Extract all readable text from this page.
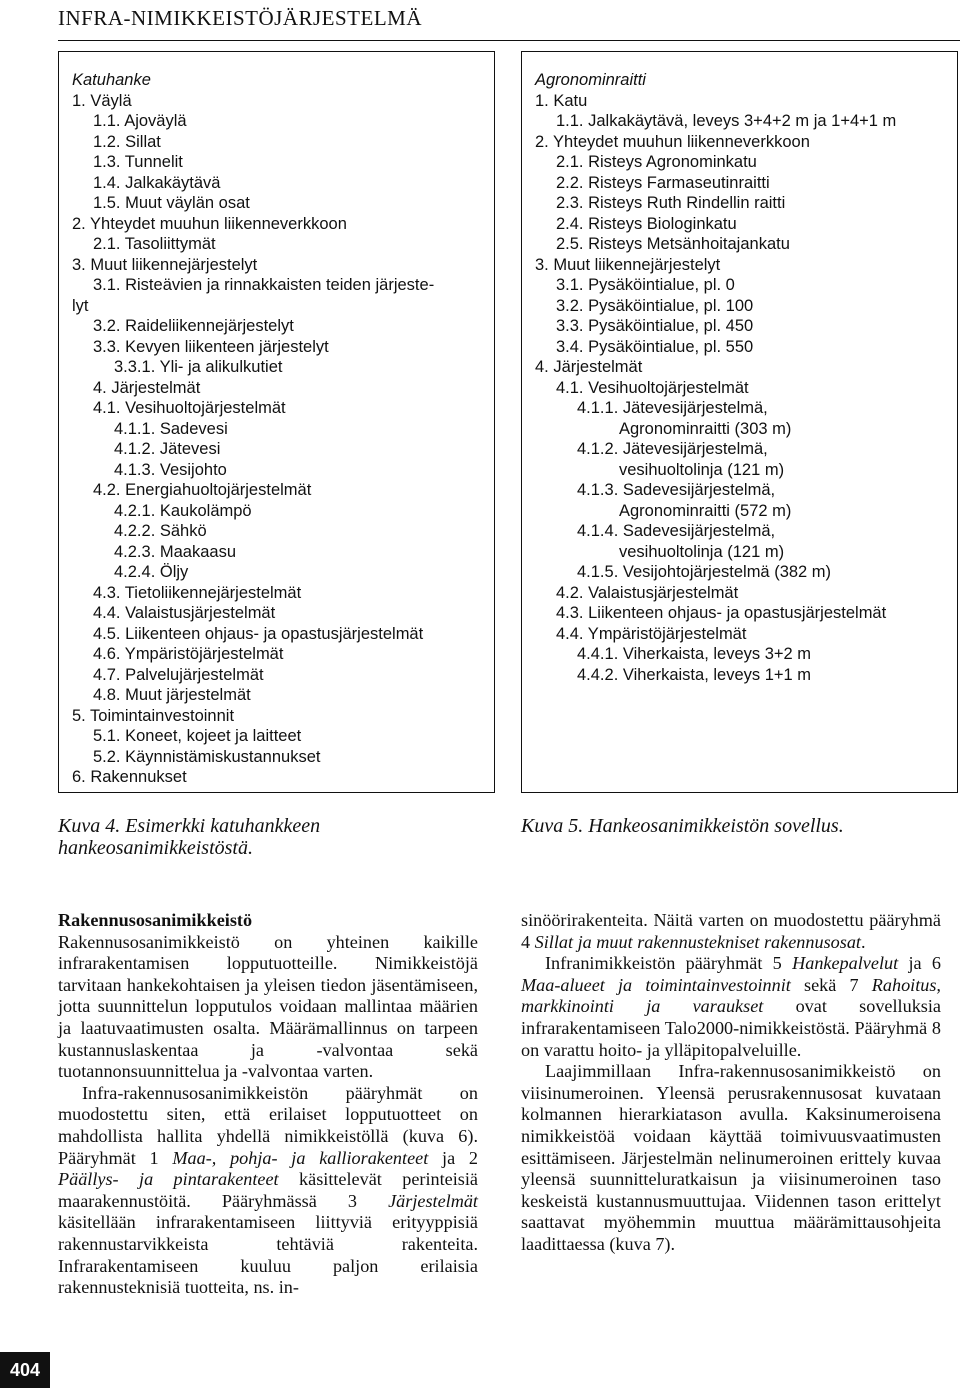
INFRA-NIMIKKEISTÖJÄRJESTELMÄ
Katuhanke
1. Väylä
1.1. Ajoväylä
1.2. Sillat
1.3. Tunnelit
1.4. Jalkakäytävä
1.5. Muut väylän osat
2. Yhteydet muuhun liikenneverkkoon
2.1. Tasoliittymät
3. Muut liikennejärjestelyt
3.1. Risteävien ja rinnakkaisten teiden järjeste-
lyt
3.2. Raideliikennejärjestelyt
3.3. Kevyen liikenteen järjestelyt
3.3.1. Yli- ja alikulkutiet
4. Järjestelmät
4.1. Vesihuoltojärjestelmät
4.1.1. Sadevesi
4.1.2. Jätevesi
4.1.3. Vesijohto
4.2. Energiahuoltojärjestelmät
4.2.1. Kaukolämpö
4.2.2. Sähkö
4.2.3. Maakaasu
4.2.4. Öljy
4.3. Tietoliikennejärjestelmät
4.4. Valaistusjärjestelmät
4.5. Liikenteen ohjaus- ja opastusjärjestelmät
4.6. Ympäristöjärjestelmät
4.7. Palvelujärjestelmät
4.8. Muut järjestelmät
5. Toimintainvestoinnit
5.1. Koneet, kojeet ja laitteet
5.2. Käynnistämiskustannukset
6. Rakennukset
Agronominraitti
1. Katu
1.1. Jalkakäytävä, leveys 3+4+2 m ja 1+4+1 m
2. Yhteydet muuhun liikenneverkkoon
2.1. Risteys Agronominkatu
2.2. Risteys Farmaseutinraitti
2.3. Risteys Ruth Rindellin raitti
2.4. Risteys Biologinkatu
2.5. Risteys Metsänhoitajankatu
3. Muut liikennejärjestelyt
3.1. Pysäköintialue, pl. 0
3.2. Pysäköintialue, pl. 100
3.3. Pysäköintialue, pl. 450
3.4. Pysäköintialue, pl. 550
4. Järjestelmät
4.1. Vesihuoltojärjestelmät
4.1.1. Jätevesijärjestelmä,
Agronominraitti (303 m)
4.1.2. Jätevesijärjestelmä,
vesihuoltolinja (121 m)
4.1.3. Sadevesijärjestelmä,
Agronominraitti (572 m)
4.1.4. Sadevesijärjestelmä,
vesihuoltolinja (121 m)
4.1.5. Vesijohtojärjestelmä (382 m)
4.2. Valaistusjärjestelmät
4.3. Liikenteen ohjaus- ja opastusjärjestelmät
4.4. Ympäristöjärjestelmät
4.4.1. Viherkaista, leveys 3+2 m
4.4.2. Viherkaista, leveys 1+1 m
Kuva 4. Esimerkki katuhankkeen hankeosanimikkeistöstä.
Kuva 5. Hankeosanimikkeistön sovellus.
Rakennusosanimikkeistö

Rakennusosanimikkeistö on yhteinen kaikille infrarakentamisen lopputuotteille. Nimikkeistöjä tarvitaan hankekohtaisen ja yleisen tiedon jäsentämiseen, jotta suunnittelun lopputulos voidaan mallintaa määrien ja laatuvaatimusten osalta. Määrämallinnus on tarpeen kustannuslaskentaa ja -valvontaa sekä tuotannonsuunnittelua ja -valvontaa varten.

Infra-rakennusosanimikkeistön pääryhmät on muodostettu siten, että erilaiset lopputuotteet on mahdollista hallita yhdellä nimikkeistöllä (kuva 6). Pääryhmät 1 Maa-, pohja- ja kalliorakenteet ja 2 Päällys- ja pintarakenteet käsittelevät perinteisiä maarakennustöitä. Pääryhmässä 3 Järjestelmät käsitellään infrarakentamiseen liittyviä erityyppisiä rakennustarvikkeista tehtäviä rakenteita. Infrarakentamiseen kuuluu paljon erilaisia rakennusteknisiä tuotteita, ns. in-

sinöörirakenteita. Näitä varten on muodostettu pääryhmä 4 Sillat ja muut rakennustekniset rakennusosat.

Infranimikkeistön pääryhmät 5 Hankepalvelut ja 6 Maa-alueet ja toimintainvestoinnit sekä 7 Rahoitus, markkinointi ja varaukset ovat sovelluksia infrarakentamiseen Talo2000-nimikkeistöstä. Pääryhmä 8 on varattu hoito- ja ylläpitopalveluille.

Laajimmillaan Infra-rakennusosanimikkeistö on viisinumeroinen. Yleensä perusrakennusosat kuvataan kolmannen hierarkiatason avulla. Kaksinumeroisena nimikkeistöä voidaan käyttää toimivuusvaatimusten esittämiseen. Järjestelmän nelinumeroinen erittely kuvaa yleensä suunnitteluratkaisun ja viisinumeroinen taso keskeistä kustannusmuuttujaa. Viidennen tason erittelyt saattavat myöhemmin muuttua määrämittausohjeita laadittaessa (kuva 7).

404
